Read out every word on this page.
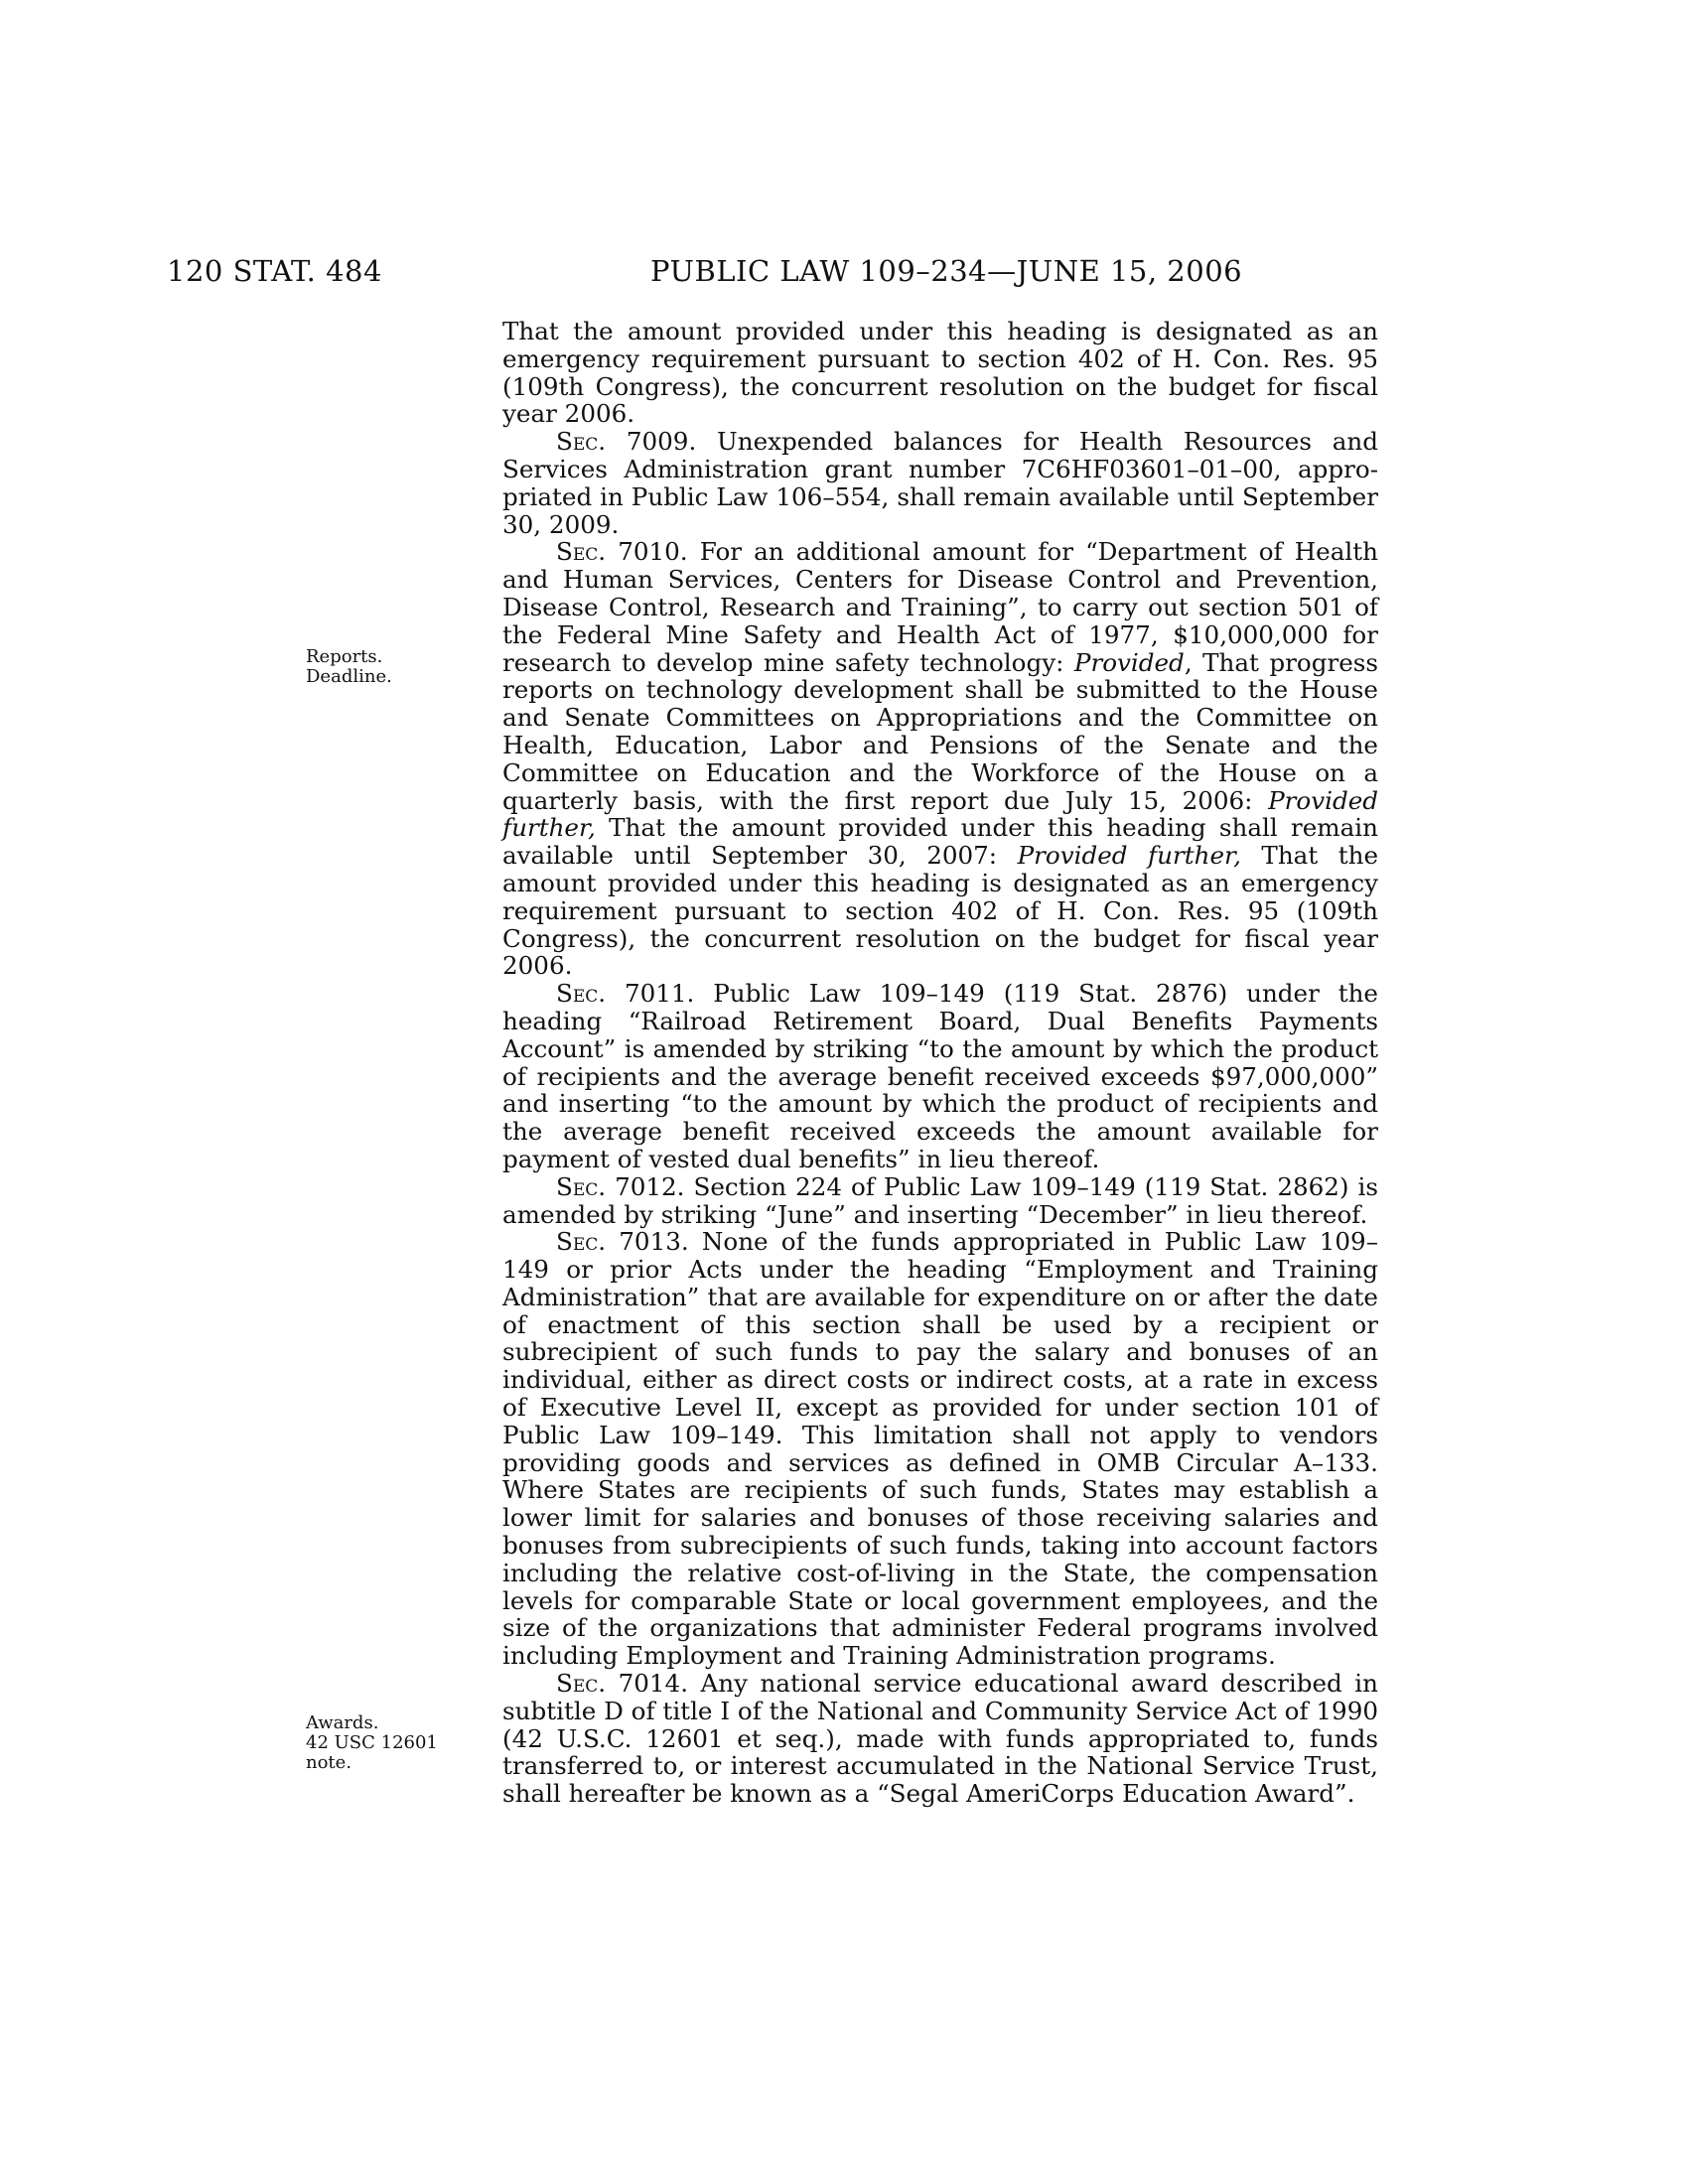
120 STAT. 484	PUBLIC LAW 109–234—JUNE 15, 2006
Reports.
Deadline.
Awards.
42 USC 12601
note.

That the amount provided under this heading is designated as an emergency requirement pursuant to section 402 of H. Con. Res. 95 (109th Congress), the concurrent resolution on the budget for fiscal year 2006.

Sec. 7009. Unexpended balances for Health Resources and Services Administration grant number 7C6HF03601–01–00, appropriated in Public Law 106–554, shall remain available until September 30, 2009.

Sec. 7010. For an additional amount for “Department of Health and Human Services, Centers for Disease Control and Prevention, Disease Control, Research and Training”, to carry out section 501 of the Federal Mine Safety and Health Act of 1977, $10,000,000 for research to develop mine safety technology: Provided, That progress reports on technology development shall be submitted to the House and Senate Committees on Appropriations and the Committee on Health, Education, Labor and Pensions of the Senate and the Committee on Education and the Workforce of the House on a quarterly basis, with the first report due July 15, 2006: Provided further, That the amount provided under this heading shall remain available until September 30, 2007: Provided further, That the amount provided under this heading is designated as an emergency requirement pursuant to section 402 of H. Con. Res. 95 (109th Congress), the concurrent resolution on the budget for fiscal year 2006.

Sec. 7011. Public Law 109–149 (119 Stat. 2876) under the heading “Railroad Retirement Board, Dual Benefits Payments Account” is amended by striking “to the amount by which the product of recipients and the average benefit received exceeds $97,000,000” and inserting “to the amount by which the product of recipients and the average benefit received exceeds the amount available for payment of vested dual benefits” in lieu thereof.

Sec. 7012. Section 224 of Public Law 109–149 (119 Stat. 2862) is amended by striking “June” and inserting “December” in lieu thereof.

Sec. 7013. None of the funds appropriated in Public Law 109– 149 or prior Acts under the heading “Employment and Training Administration” that are available for expenditure on or after the date of enactment of this section shall be used by a recipient or subrecipient of such funds to pay the salary and bonuses of an individual, either as direct costs or indirect costs, at a rate in excess of Executive Level II, except as provided for under section 101 of Public Law 109–149. This limitation shall not apply to vendors providing goods and services as defined in OMB Circular A–133. Where States are recipients of such funds, States may establish a lower limit for salaries and bonuses of those receiving salaries and bonuses from subrecipients of such funds, taking into account factors including the relative cost-of-living in the State, the compensation levels for comparable State or local government employees, and the size of the organizations that administer Federal programs involved including Employment and Training Administration programs.

Sec. 7014. Any national service educational award described in subtitle D of title I of the National and Community Service Act of 1990 (42 U.S.C. 12601 et seq.), made with funds appropriated to, funds transferred to, or interest accumulated in the National Service Trust, shall hereafter be known as a “Segal AmeriCorps Education Award”.
